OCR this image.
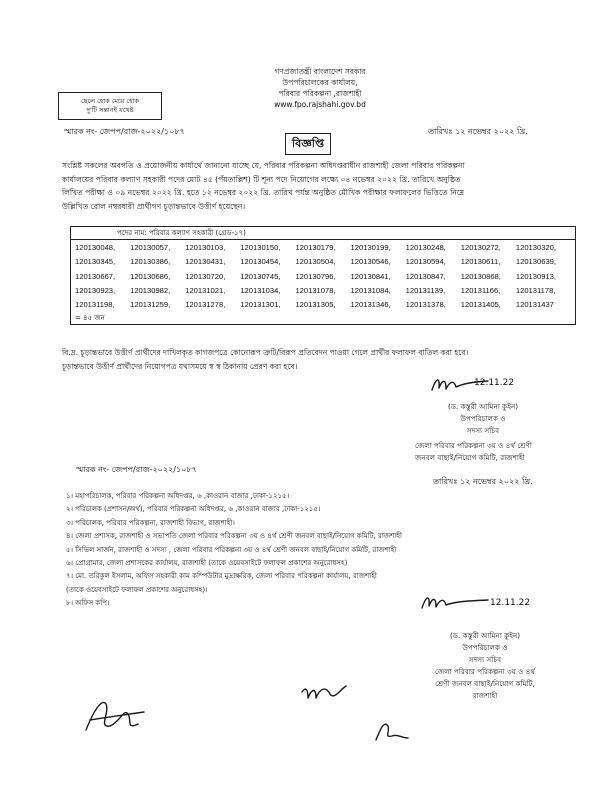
ছেলে হোক মেয়ে হোক
দু'টি সন্তানই যথেষ্ট
গণপ্রজাতন্ত্রী বাংলাদেশ সরকার
উপপরিচালকের কার্যালয়,
পরিবার পরিকল্পনা ,রাজশাহী
www.fpo.rajshahi.gov.bd
স্মারক নং- জেপপ/রাজ-২০২২/১০৮৭	তারিখঃ ১২ নভেম্বর ২০২২ খ্রি.
বিজ্ঞপ্তি

সংশ্লিষ্ট সকলের অবগতি ও প্রয়োজনীয় কার্যার্থে জানানো যাচ্ছে যে, পরিবার পরিকল্পনা অধিদপ্তরাধীন রাজশাহী জেলা পরিবার পরিকল্পনা

কার্যালয়ের পরিবার কল্যাণ সহকারী পদের মোট ৪৫ (পঁয়তাল্লিশ) টি শূন্য পদে নিয়োগের লক্ষ্যে ০৪ নভেম্বর ২০২২ খ্রি. তারিখে অনুষ্ঠিত

লিখিত পরীক্ষা ও ০৯ নভেম্বর ২০২২ খ্রি. হতে ১২ নভেম্বর ২০২২ খ্রি. তারিখ পর্যন্ত অনুষ্ঠিত মৌখিক পরীক্ষার ফলাফলের ভিত্তিতে নিম্নে

উল্লিখিত রোল নম্বরধারী প্রার্থীগণ চূড়ান্তভাবে উত্তীর্ণ হয়েছেন।

পদের নাম: পরিবার কল্যাণ সহকারী (গ্রেড-১৭)
120130048,	120130057,	120130103,	120130150,	120130179,	120130199,	120130248,	120130272,	120130320,
120130345,	120130386,	120130431,	120130454,	120130504,	120130546,	120130594,	120130611,	120130639,
120130667,	120130686,	120130720,	120130745,	120130796,	120130841,	120130847,	120130868,	120130913,
120130923,	120130982,	120131021,	120131034,	120131078,	120131084,	120131139,	120131166,	120131178,
120131198,	120131259,	120131278,	120131301,	120131305,	120131346,	120131378,	120131405,	120131437
= ৪৫ জন

বি.দ্র. চূড়ান্তভাবে উত্তীর্ণ প্রার্থীদের দাখিলকৃত কাগজপত্রে কোনোরূপ ত্রুটি/বিরূপ প্রতিবেদন পাওয়া গেলে প্রার্থীর ফলাফল বাতিল করা হবে।

চূড়ান্তভাবে উত্তীর্ণ প্রার্থীদের নিয়োগপত্র যথাসময়ে স্ব স্ব ঠিকানায় প্রেরণ করা হবে।

12.11.22
(ড. কস্তুরী আমিনা কুইন)
উপপরিচালক ও
সদস্য সচিব
জেলা পরিবার পরিকল্পনা ৩য় ও ৪র্থ শ্রেণী
জনবল বাছাই/নিয়োগ কমিটি, রাজশাহী
স্মারক নং- জেপপ/রাজ-২০২২/১০৮৭
তারিখঃ ১২ নভেম্বর ২০২২ খ্রি.
১। মহাপরিচালক, পরিবার পরিকল্পনা অধিদপ্তর, ৬ ,কাওরান বাজার ,ঢাকা-১২১৫।
২। পরিচালক (প্রশাসন/অর্থ), পরিবার পরিকল্পনা অধিদপ্তর, ৬ ,কাওরান বাজার ,ঢাকা-১২১৫।
৩। পরিচালক, পরিবার পরিকল্পনা, রাজশাহী বিভাগ, রাজশাহী।
৪। জেলা প্রশাসক, রাজশাহী ও সভাপতি জেলা পরিবার পরিকল্পনা ৩য় ও ৪র্থ শ্রেণী জনবল বাছাই/নিয়োগ কমিটি, রাজশাহী
৫। সিভিল সার্জন, রাজশাহী ও সদস্য , জেলা পরিবার পরিকল্পনা ৩য় ও ৪র্থ শ্রেণী জনবল বাছাই/নিয়োগ কমিটি, রাজশাহী
৬। প্রোগ্রামার, জেলা প্রশাসকের কার্যালয়, রাজশাহী (তাকে ওয়েবসাইটে ফলাফল প্রকাশের অনুরোধসহ)
৭। মো. তরিকুল ইসলাম, অফিস সহকারী কাম কম্পিউটার মুদ্রাক্ষরিক, জেলা পরিবার পরিকল্পনা কার্যালয়, রাজশাহী
(তাকে ওয়েবসাইটে ফলাফল প্রকাশের অনুরোধসহ)।
৮। অফিস কপি।	12.11.22
(ড. কস্তুরী আমিনা কুইন)
উপপরিচালক ও
সদস্য সচিব
জেলা পরিবার পরিকল্পনা ৩য় ও ৪র্থ
শ্রেণী জনবল বাছাই/নিয়োগ কমিটি,
রাজশাহী
